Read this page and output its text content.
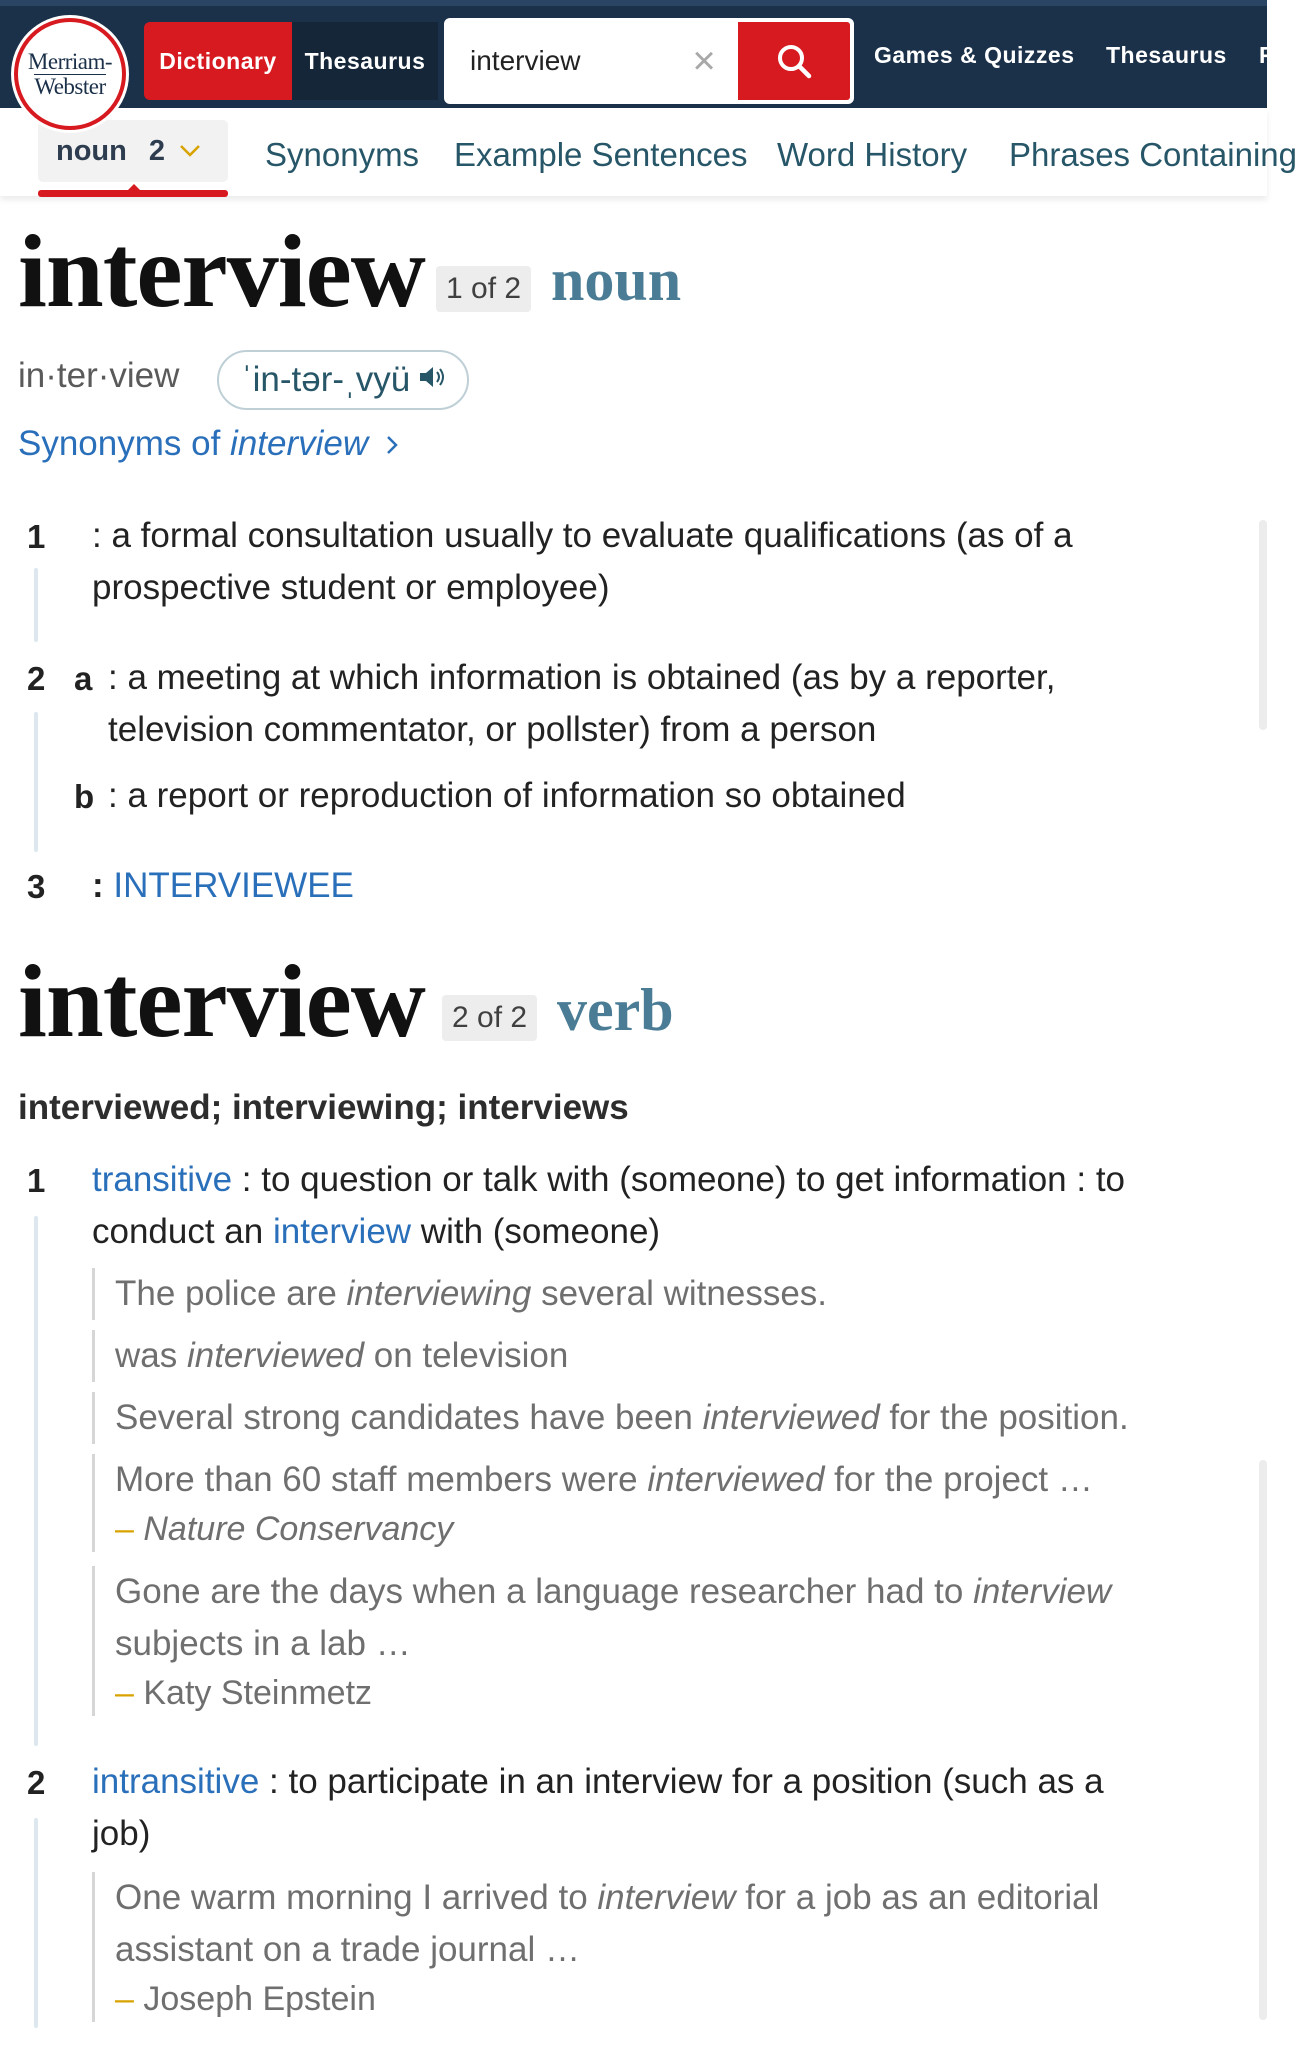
Dictionary	Thesaurus
interview	×	Games & Quizzes Thesaurus F
Merriam-
Webster
noun 2	Synonyms Example Sentences Word History Phrases Containing
interview 1 of 2 noun
in·ter·view ˈin-tər-ˌvyü
Synonyms of interview
1 : a formal consultation usually to evaluate qualifications (as of a
prospective student or employee)
2 a : a meeting at which information is obtained (as by a reporter,
television commentator, or pollster) from a person
b : a report or reproduction of information so obtained
3 : INTERVIEWEE
interview 2 of 2 verb
interviewed; interviewing; interviews
1 transitive : to question or talk with (someone) to get information : to
conduct an interview with (someone)
The police are interviewing several witnesses.
was interviewed on television
Several strong candidates have been interviewed for the position.
More than 60 staff members were interviewed for the project …
– Nature Conservancy
Gone are the days when a language researcher had to interview subjects in a lab …
– Katy Steinmetz
2 intransitive : to participate in an interview for a position (such as a
job)
One warm morning I arrived to interview for a job as an editorial assistant on a trade journal …
– Joseph Epstein
